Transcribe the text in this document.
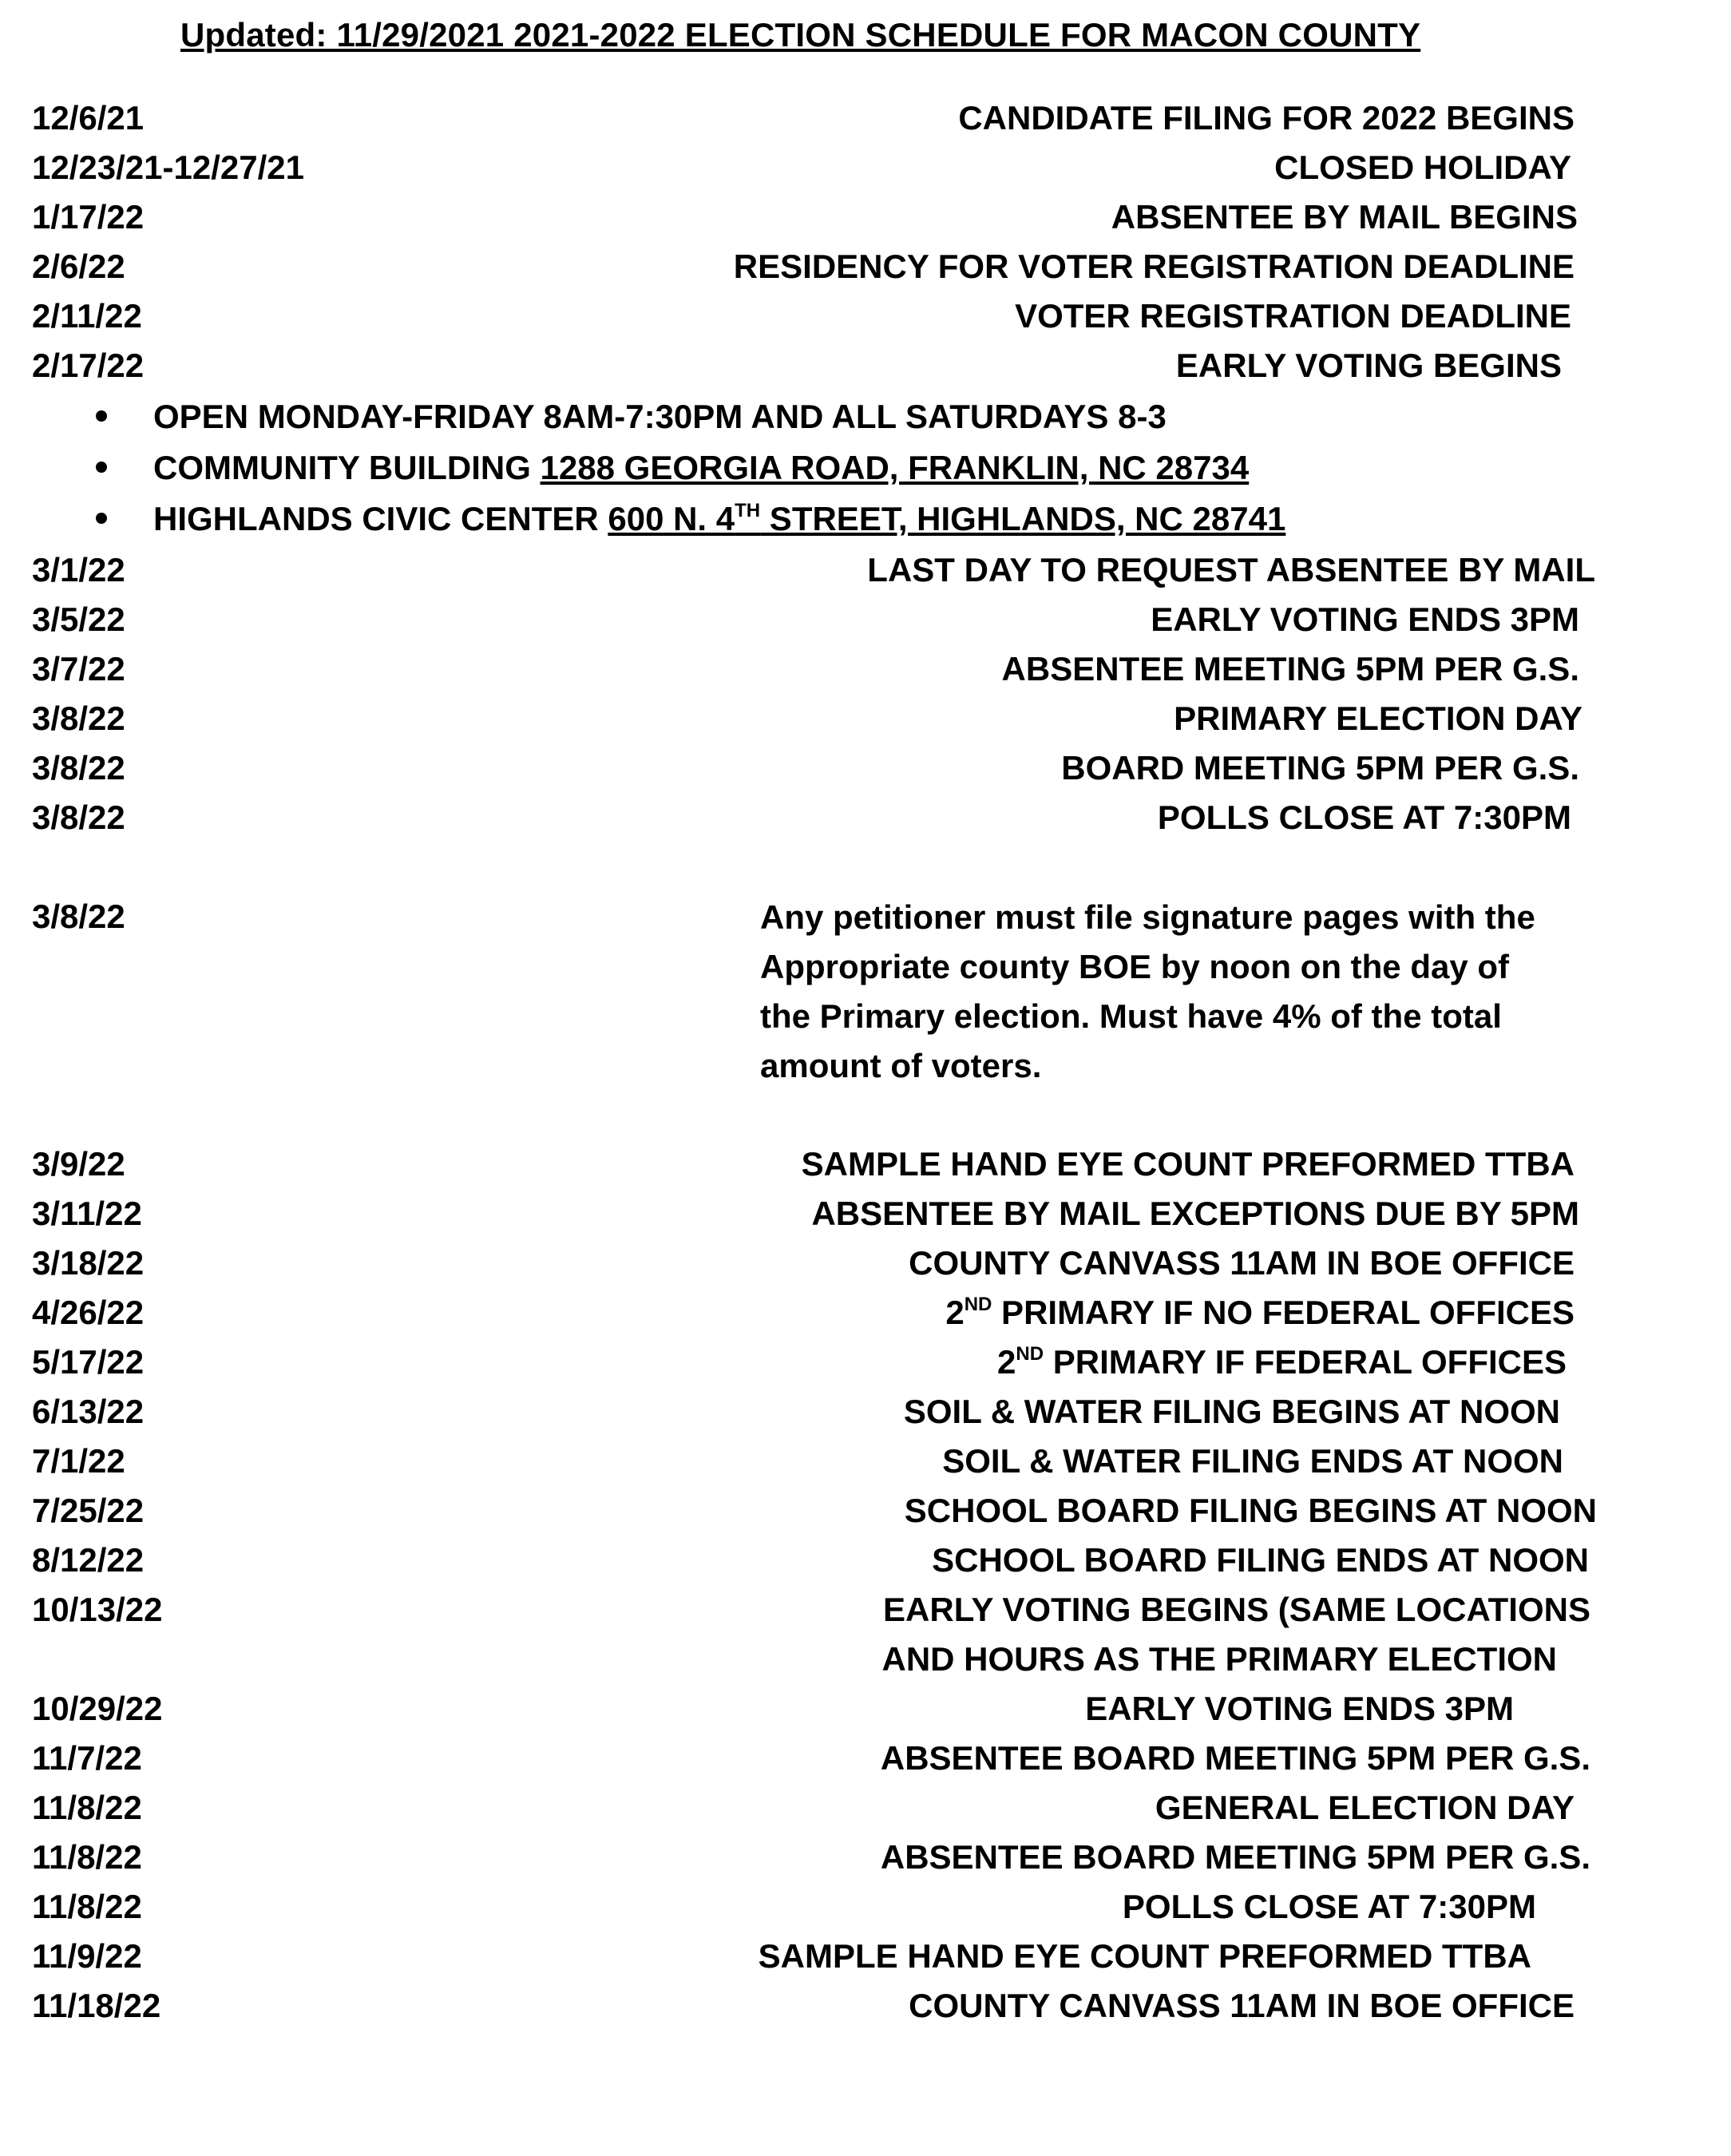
Updated: 11/29/2021 2021-2022 ELECTION SCHEDULE FOR MACON COUNTY
12/6/21	CANDIDATE FILING FOR 2022 BEGINS
12/23/21-12/27/21	CLOSED HOLIDAY
1/17/22	ABSENTEE BY MAIL BEGINS
2/6/22	RESIDENCY FOR VOTER REGISTRATION DEADLINE
2/11/22	VOTER REGISTRATION DEADLINE
2/17/22	EARLY VOTING BEGINS
OPEN MONDAY-FRIDAY 8AM-7:30PM AND ALL SATURDAYS 8-3
COMMUNITY BUILDING 1288 GEORGIA ROAD, FRANKLIN, NC 28734
HIGHLANDS CIVIC CENTER 600 N. 4TH STREET, HIGHLANDS, NC 28741
3/1/22	LAST DAY TO REQUEST ABSENTEE BY MAIL
3/5/22	EARLY VOTING ENDS 3PM
3/7/22	ABSENTEE MEETING 5PM PER G.S.
3/8/22	PRIMARY ELECTION DAY
3/8/22	BOARD MEETING 5PM PER G.S.
3/8/22	POLLS CLOSE AT 7:30PM
3/8/22	Any petitioner must file signature pages with the
Appropriate county BOE by noon on the day of
the Primary election. Must have 4% of the total
amount of voters.
3/9/22	SAMPLE HAND EYE COUNT PREFORMED TTBA
3/11/22	ABSENTEE BY MAIL EXCEPTIONS DUE BY 5PM
3/18/22	COUNTY CANVASS 11AM IN BOE OFFICE
4/26/22	2ND PRIMARY IF NO FEDERAL OFFICES
5/17/22	2ND PRIMARY IF FEDERAL OFFICES
6/13/22	SOIL & WATER FILING BEGINS AT NOON
7/1/22	SOIL & WATER FILING ENDS AT NOON
7/25/22	SCHOOL BOARD FILING BEGINS AT NOON
8/12/22	SCHOOL BOARD FILING ENDS AT NOON
10/13/22	EARLY VOTING BEGINS (SAME LOCATIONS
AND HOURS AS THE PRIMARY ELECTION
10/29/22	EARLY VOTING ENDS 3PM
11/7/22	ABSENTEE BOARD MEETING 5PM PER G.S.
11/8/22	GENERAL ELECTION DAY
11/8/22	ABSENTEE BOARD MEETING 5PM PER G.S.
11/8/22	POLLS CLOSE AT 7:30PM
11/9/22	SAMPLE HAND EYE COUNT PREFORMED TTBA
11/18/22	COUNTY CANVASS 11AM IN BOE OFFICE
